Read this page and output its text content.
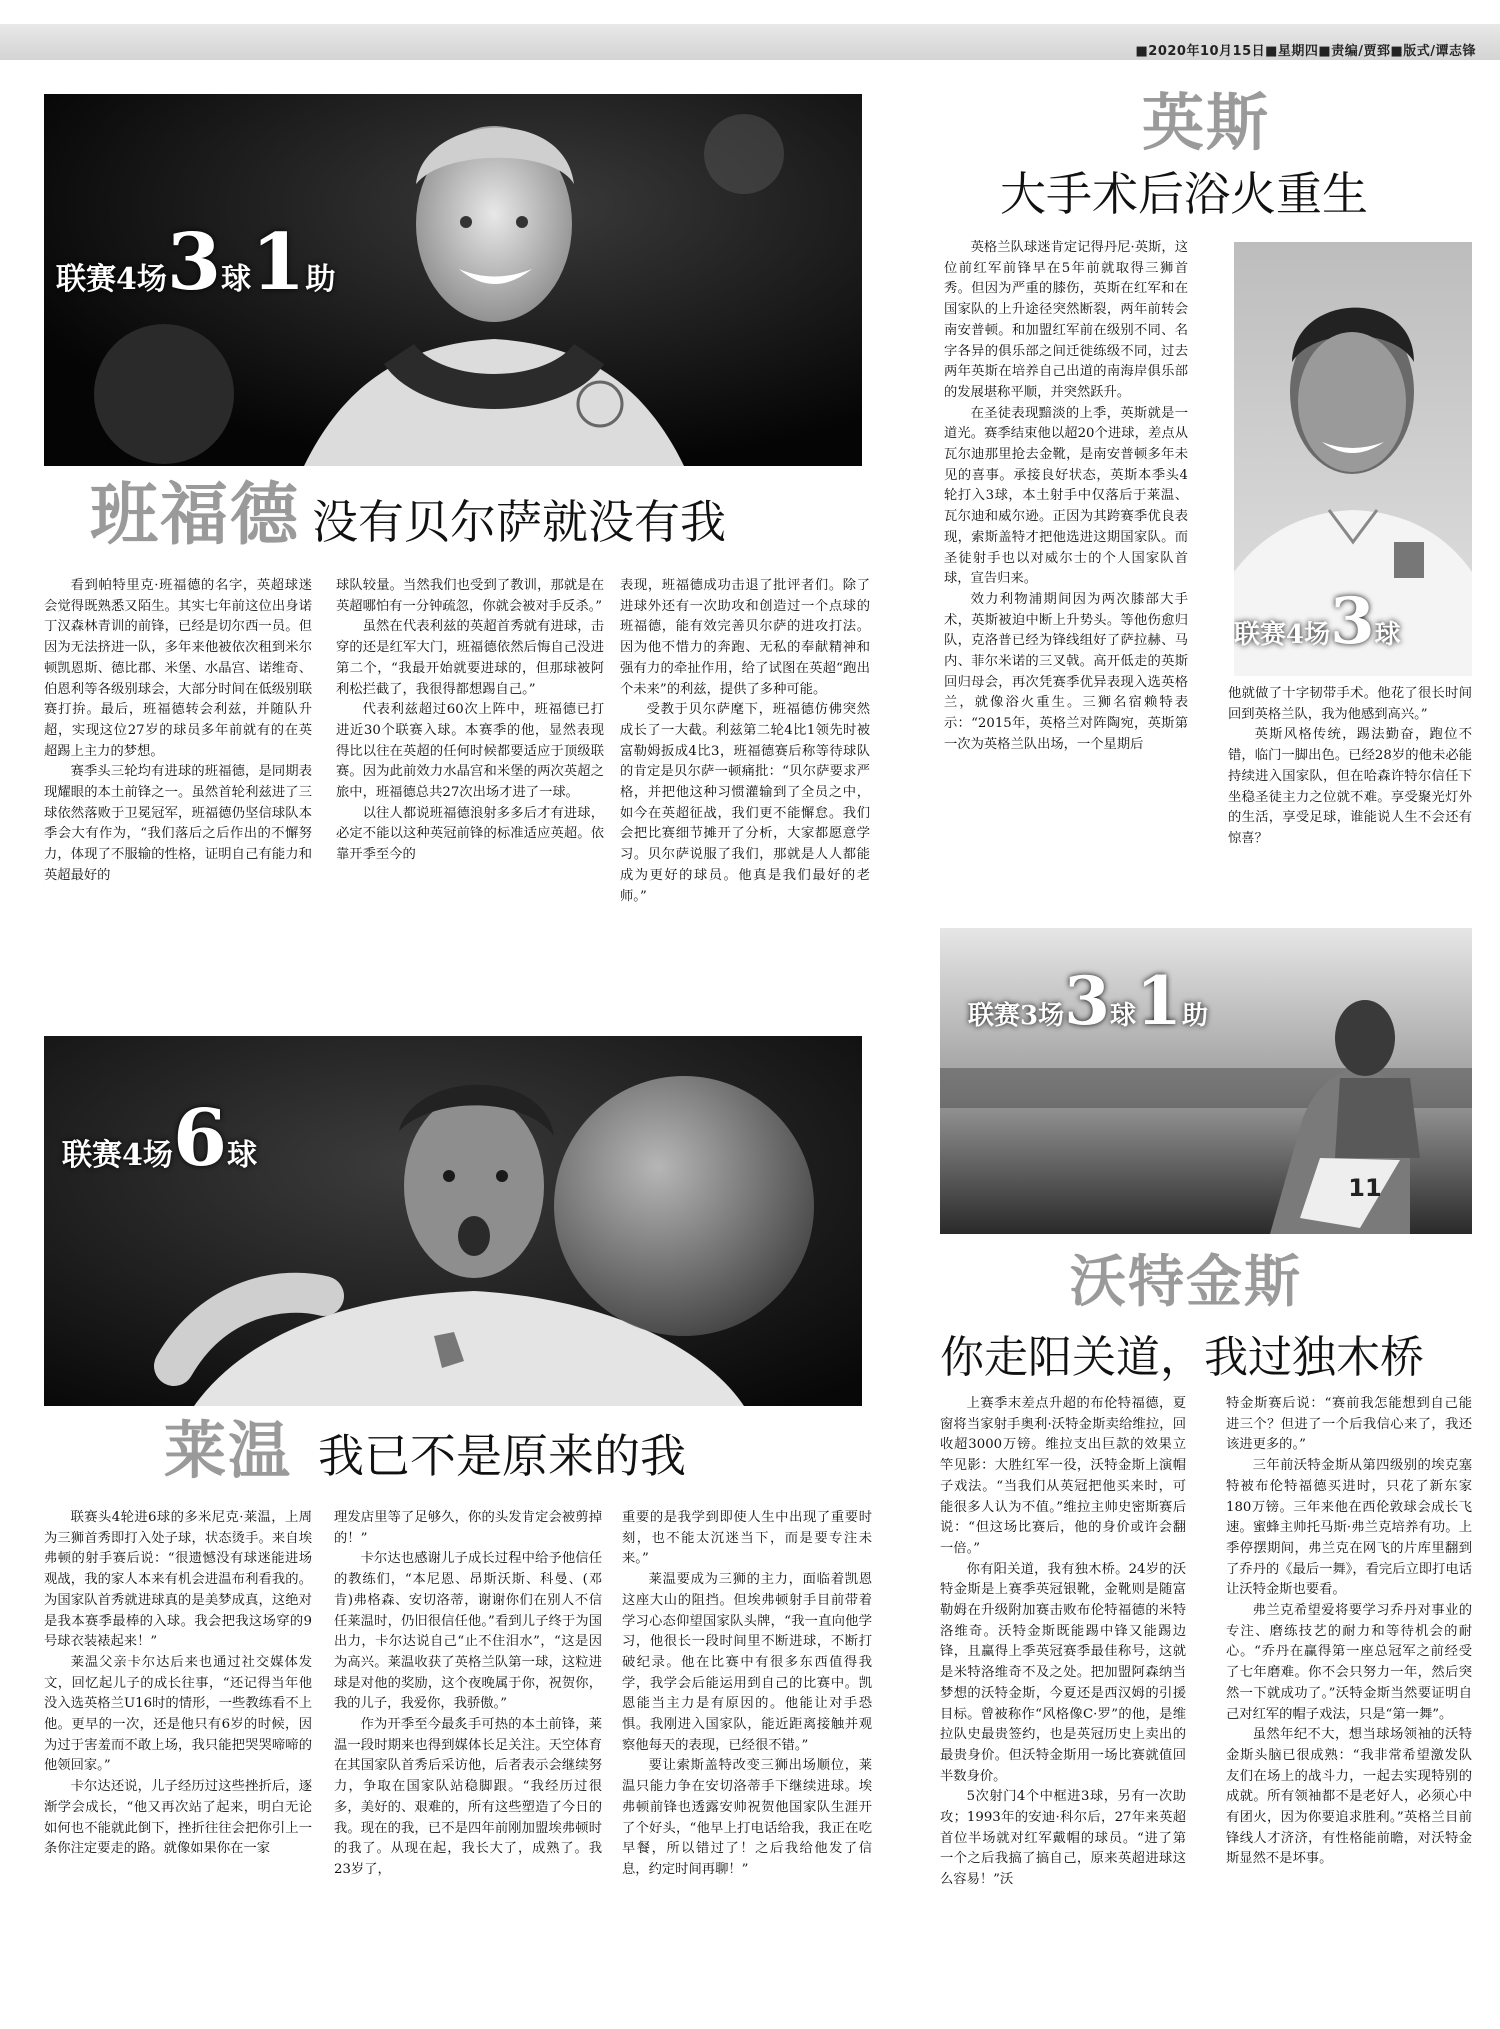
■2020年10月15日■星期四■责编/贾郅■版式/谭志锋
联赛4场 3 球 1 助
班福德 没有贝尔萨就没有我

看到帕特里克·班福德的名字，英超球迷会觉得既熟悉又陌生。其实七年前这位出身诺丁汉森林青训的前锋，已经是切尔西一员。但因为无法挤进一队，多年来他被依次租到米尔顿凯恩斯、德比郡、米堡、水晶宫、诺维奇、伯恩利等各级别球会，大部分时间在低级别联赛打拚。最后，班福德转会利兹，并随队升超，实现这位27岁的球员多年前就有的在英超踢上主力的梦想。

赛季头三轮均有进球的班福德，是同期表现耀眼的本土前锋之一。虽然首轮利兹进了三球依然落败于卫冕冠军，班福德仍坚信球队本季会大有作为，“我们落后之后作出的不懈努力，体现了不服输的性格，证明自己有能力和英超最好的

球队较量。当然我们也受到了教训，那就是在英超哪怕有一分钟疏忽，你就会被对手反杀。”

虽然在代表利兹的英超首秀就有进球，击穿的还是红军大门，班福德依然后悔自己没进第二个，“我最开始就要进球的，但那球被阿利松拦截了，我很得都想踢自己。”

代表利兹超过60次上阵中，班福德已打进近30个联赛入球。本赛季的他，显然表现得比以往在英超的任何时候都要适应于顶级联赛。因为此前效力水晶宫和米堡的两次英超之旅中，班福德总共27次出场才进了一球。

以往人都说班福德浪射多多后才有进球，必定不能以这种英冠前锋的标准适应英超。依靠开季至今的

表现，班福德成功击退了批评者们。除了进球外还有一次助攻和创造过一个点球的班福德，能有效完善贝尔萨的进攻打法。因为他不惜力的奔跑、无私的奉献精神和强有力的牵扯作用，给了试图在英超“跑出个未来”的利兹，提供了多种可能。

受教于贝尔萨麾下，班福德仿佛突然成长了一大截。利兹第二轮4比1领先时被富勒姆扳成4比3，班福德赛后称等待球队的肯定是贝尔萨一顿痛批：“贝尔萨要求严格，并把他这种习惯灌输到了全员之中，如今在英超征战，我们更不能懈怠。我们会把比赛细节摊开了分析，大家都愿意学习。贝尔萨说服了我们，那就是人人都能成为更好的球员。他真是我们最好的老师。”

英斯
大手术后浴火重生

英格兰队球迷肯定记得丹尼·英斯，这位前红军前锋早在5年前就取得三狮首秀。但因为严重的膝伤，英斯在红军和在国家队的上升途径突然断裂，两年前转会南安普顿。和加盟红军前在级别不同、名字各异的俱乐部之间迁徙练级不同，过去两年英斯在培养自己出道的南海岸俱乐部的发展堪称平顺，并突然跃升。

在圣徒表现黯淡的上季，英斯就是一道光。赛季结束他以超20个进球，差点从瓦尔迪那里抢去金靴，是南安普顿多年未见的喜事。承接良好状态，英斯本季头4轮打入3球，本土射手中仅落后于莱温、瓦尔迪和威尔逊。正因为其跨赛季优良表现，索斯盖特才把他选进这期国家队。而圣徒射手也以对威尔士的个人国家队首球，宣告归来。

效力利物浦期间因为两次膝部大手术，英斯被迫中断上升势头。等他伤愈归队，克洛普已经为锋线组好了萨拉赫、马内、菲尔米诺的三叉戟。高开低走的英斯回归母会，再次凭赛季优异表现入选英格兰，就像浴火重生。三狮名宿赖特表示：“2015年，英格兰对阵陶宛，英斯第一次为英格兰队出场，一个星期后

联赛4场 3 球

他就做了十字韧带手术。他花了很长时间回到英格兰队，我为他感到高兴。”

英斯风格传统，踢法勤奋，跑位不错，临门一脚出色。已经28岁的他未必能持续进入国家队，但在哈森许特尔信任下坐稳圣徒主力之位就不难。享受聚光灯外的生活，享受足球，谁能说人生不会还有惊喜？

11
联赛3场 3 球 1 助
沃特金斯
你走阳关道，我过独木桥

上赛季末差点升超的布伦特福德，夏窗将当家射手奥利·沃特金斯卖给维拉，回收超3000万镑。维拉支出巨款的效果立竿见影：大胜红军一役，沃特金斯上演帽子戏法。“当我们从英冠把他买来时，可能很多人认为不值。”维拉主帅史密斯赛后说：“但这场比赛后，他的身价或许会翻一倍。”

你有阳关道，我有独木桥。24岁的沃特金斯是上赛季英冠银靴，金靴则是随富勒姆在升级附加赛击败布伦特福德的米特洛维奇。沃特金斯既能踢中锋又能踢边锋，且赢得上季英冠赛季最佳称号，这就是米特洛维奇不及之处。把加盟阿森纳当梦想的沃特金斯，今夏还是西汉姆的引援目标。曾被称作“风格像C·罗”的他，是维拉队史最贵签约，也是英冠历史上卖出的最贵身价。但沃特金斯用一场比赛就值回半数身价。

5次射门4个中框进3球，另有一次助攻；1993年的安迪·科尔后，27年来英超首位半场就对红军戴帽的球员。“进了第一个之后我搞了搞自己，原来英超进球这么容易！”沃

特金斯赛后说：“赛前我怎能想到自己能进三个？但进了一个后我信心来了，我还该进更多的。”

三年前沃特金斯从第四级别的埃克塞特被布伦特福德买进时，只花了新东家180万镑。三年来他在西伦敦球会成长飞速。蜜蜂主帅托马斯·弗兰克培养有功。上季停摆期间，弗兰克在网飞的片库里翻到了乔丹的《最后一舞》，看完后立即打电话让沃特金斯也要看。

弗兰克希望爱将要学习乔丹对事业的专注、磨练技艺的耐力和等待机会的耐心。“乔丹在赢得第一座总冠军之前经受了七年磨难。你不会只努力一年，然后突然一下就成功了。”沃特金斯当然要证明自己对红军的帽子戏法，只是“第一舞”。

虽然年纪不大，想当球场领袖的沃特金斯头脑已很成熟：“我非常希望激发队友们在场上的战斗力，一起去实现特别的成就。所有领袖都不是老好人，必须心中有团火，因为你要追求胜利。”英格兰目前锋线人才济济，有性格能前瞻，对沃特金斯显然不是坏事。

联赛4场 6 球
莱温 我已不是原来的我

联赛头4轮进6球的多米尼克·莱温，上周为三狮首秀即打入处子球，状态烫手。来自埃弗顿的射手赛后说：“很遗憾没有球迷能进场观战，我的家人本来有机会进温布利看我的。为国家队首秀就进球真的是美梦成真，这绝对是我本赛季最棒的入球。我会把我这场穿的9号球衣装裱起来！”

莱温父亲卡尔达后来也通过社交媒体发文，回忆起儿子的成长往事，“还记得当年他没入选英格兰U16时的情形，一些教练看不上他。更早的一次，还是他只有6岁的时候，因为过于害羞而不敢上场，我只能把哭哭啼啼的他领回家。”

卡尔达还说，儿子经历过这些挫折后，逐渐学会成长，“他又再次站了起来，明白无论如何也不能就此倒下，挫折往往会把你引上一条你注定要走的路。就像如果你在一家

理发店里等了足够久，你的头发肯定会被剪掉的！”

卡尔达也感谢儿子成长过程中给予他信任的教练们，“本尼恩、昂斯沃斯、科曼、(邓肯)弗格森、安切洛蒂，谢谢你们在别人不信任莱温时，仍旧很信任他。”看到儿子终于为国出力，卡尔达说自己“止不住泪水”，“这是因为高兴。莱温收获了英格兰队第一球，这粒进球是对他的奖励，这个夜晚属于你，祝贺你，我的儿子，我爱你，我骄傲。”

作为开季至今最炙手可热的本土前锋，莱温一段时期来也得到媒体长足关注。天空体育在其国家队首秀后采访他，后者表示会继续努力，争取在国家队站稳脚跟。“我经历过很多，美好的、艰难的，所有这些塑造了今日的我。现在的我，已不是四年前刚加盟埃弗顿时的我了。从现在起，我长大了，成熟了。我23岁了，

重要的是我学到即使人生中出现了重要时刻，也不能太沉迷当下，而是要专注未来。”

莱温要成为三狮的主力，面临着凯恩这座大山的阻挡。但埃弗顿射手目前带着学习心态仰望国家队头牌，“我一直向他学习，他很长一段时间里不断进球，不断打破纪录。他在比赛中有很多东西值得我学，我学会后能运用到自己的比赛中。凯恩能当主力是有原因的。他能让对手恐惧。我刚进入国家队，能近距离接触并观察他每天的表现，已经很不错。”

要让索斯盖特改变三狮出场顺位，莱温只能力争在安切洛蒂手下继续进球。埃弗顿前锋也透露安帅祝贺他国家队生涯开了个好头，“他早上打电话给我，我正在吃早餐，所以错过了！之后我给他发了信息，约定时间再聊！”
